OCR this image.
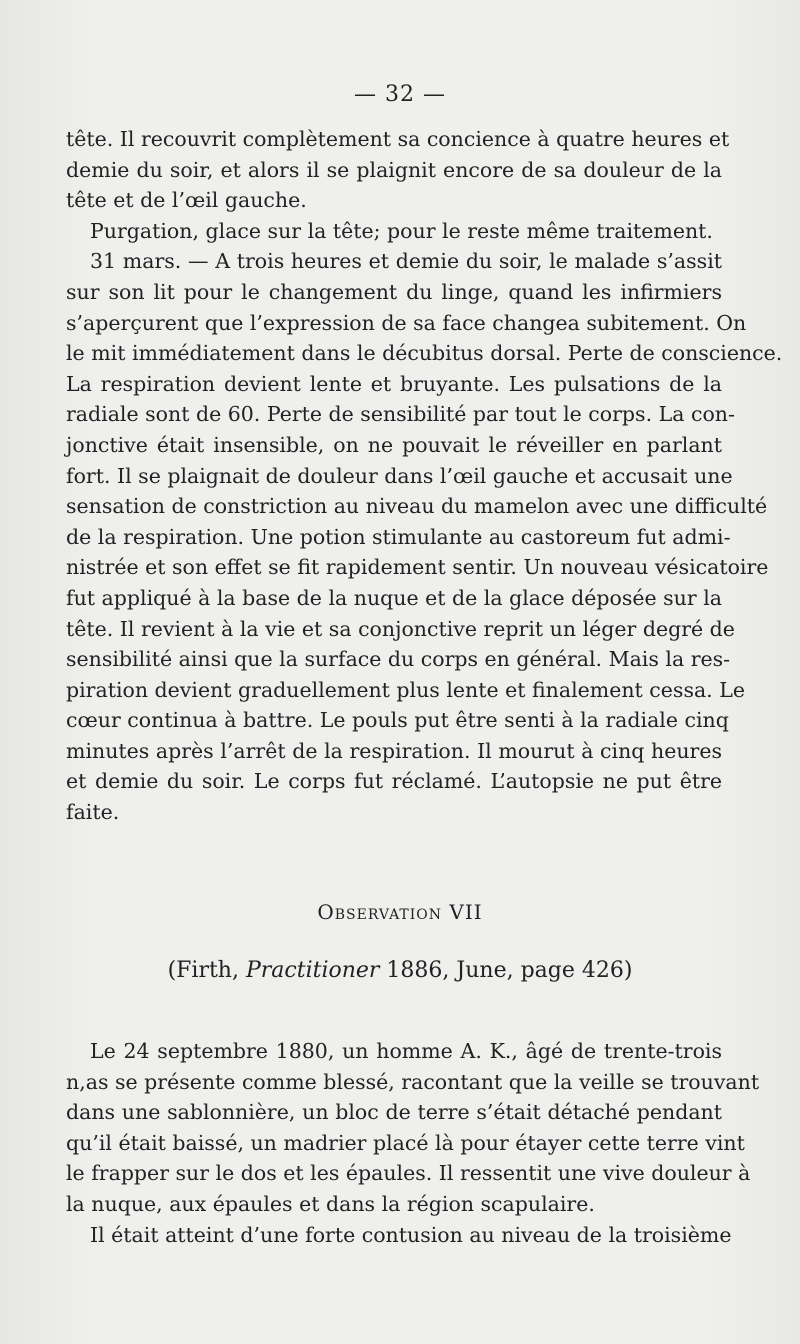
— 32 —
tête. Il recouvrit complètement sa concience à quatre heures et
demie du soir, et alors il se plaignit encore de sa douleur de la
tête et de l’œil gauche.
Purgation, glace sur la tête; pour le reste même traitement.
31 mars. — A trois heures et demie du soir, le malade s’assit
sur son lit pour le changement du linge, quand les infirmiers
s’aperçurent que l’expression de sa face changea subitement. On
le mit immédiatement dans le décubitus dorsal. Perte de conscience.
La respiration devient lente et bruyante. Les pulsations de la
radiale sont de 60. Perte de sensibilité par tout le corps. La con-
jonctive était insensible, on ne pouvait le réveiller en parlant
fort. Il se plaignait de douleur dans l’œil gauche et accusait une
sensation de constriction au niveau du mamelon avec une difficulté
de la respiration. Une potion stimulante au castoreum fut admi-
nistrée et son effet se fit rapidement sentir. Un nouveau vésicatoire
fut appliqué à la base de la nuque et de la glace déposée sur la
tête. Il revient à la vie et sa conjonctive reprit un léger degré de
sensibilité ainsi que la surface du corps en général. Mais la res-
piration devient graduellement plus lente et finalement cessa. Le
cœur continua à battre. Le pouls put être senti à la radiale cinq
minutes après l’arrêt de la respiration. Il mourut à cinq heures
et demie du soir. Le corps fut réclamé. L’autopsie ne put être
faite.
Observation VII
(Firth, Practitioner 1886, June, page 426)
Le 24 septembre 1880, un homme A. K., âgé de trente-trois
n,as se présente comme blessé, racontant que la veille se trouvant
dans une sablonnière, un bloc de terre s’était détaché pendant
qu’il était baissé, un madrier placé là pour étayer cette terre vint
le frapper sur le dos et les épaules. Il ressentit une vive douleur à
la nuque, aux épaules et dans la région scapulaire.
Il était atteint d’une forte contusion au niveau de la troisième
